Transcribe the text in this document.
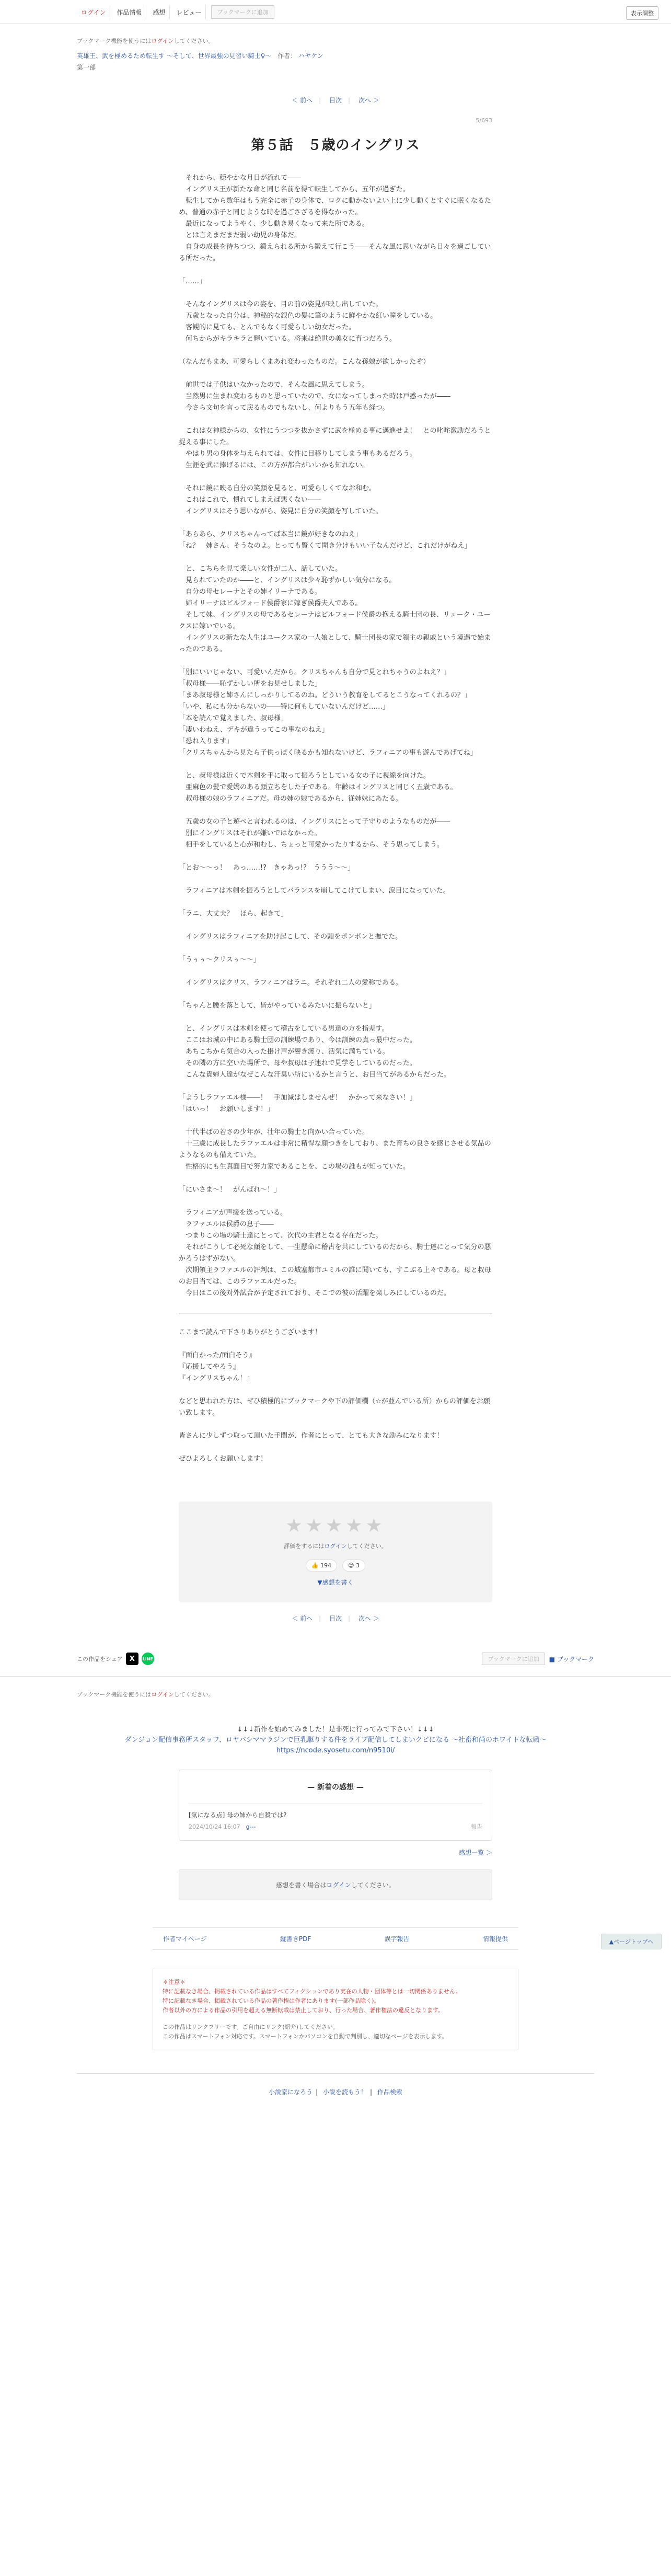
ログイン	作品情報	感想	レビュー	ブックマークに追加	表示調整
ブックマーク機能を使うにはログインしてください。
英雄王、武を極めるため転生す ～そして、世界最強の見習い騎士♀～ 作者： ハヤケン
第一部
＜ 前へ | 目次 | 次へ ＞
5/693
第５話　５歳のイングリス

　それから、穏やかな月日が流れて――

　イングリス王が新たな命と同じ名前を得て転生してから、五年が過ぎた。

　転生してから数年はもう完全に赤子の身体で、ロクに動かないよい上に少し動くとすぐに眠くなるため、普通の赤子と同じような時を過ごさざるを得なかった。

　最近になってようやく、少し動き易くなって来た所である。

　とは言えまだまだ弱い幼児の身体だ。

　自身の成長を待ちつつ、鍛えられる所から鍛えて行こう――そんな風に思いながら日々を過ごしている所だった。

「……」

　そんなイングリスは今の姿を、目の前の姿見が映し出していた。

　五歳となった自分は、神秘的な銀色の髪に筆のように鮮やかな紅い瞳をしている。

　客観的に見ても、とんでもなく可愛らしい幼女だった。

　何ちからがキラキラと輝いている。将来は絶世の美女に育つだろう。

（なんだもまあ、可愛らしくまあれ変わったものだ。こんな孫娘が欲しかったぞ）

　前世では子供はいなかったので、そんな風に思えてしまう。

　当然男に生まれ変わるものと思っていたので、女になってしまった時は戸惑ったが――

　今さら文句を言って戻るものでもないし、何よりもう五年も経つ。

　これは女神様からの、女性にうつつを抜かさずに武を極める事に邁進せよ！　との叱咤激励だろうと捉える事にした。

　やはり男の身体を与えられては、女性に目移りしてしまう事もあるだろう。

　生涯を武に捧げるには、この方が都合がいいかも知れない。

　それに鏡に映る自分の笑顔を見ると、可愛らしくてなお和む。

　これはこれで、慣れてしまえば悪くない――

　イングリスはそう思いながら、姿見に自分の笑顔を写していた。

「あらあら、クリスちゃんってば本当に鏡が好きなのねえ」

「ね？　姉さん、そうなのよ。とっても賢くて聞き分けもいい子なんだけど、これだけがねえ」

　と、こちらを見て楽しい女性が二人、話していた。

　見られていたのか――と、イングリスは少々恥ずかしい気分になる。

　自分の母セレーナとその姉イリーナである。

　姉イリーナはビルフォード侯爵家に嫁ぎ侯爵夫人である。

　そして妹、イングリスの母であるセレーナはビルフォード侯爵の抱える騎士団の長、リューク・ユークスに嫁いでいる。

　イングリスの新たな人生はユークス家の一人娘として、騎士団長の家で領主の親戚という境遇で始まったのである。

「別にいいじゃない、可愛いんだから。クリスちゃんも自分で見とれちゃうのよねえ？」

「叔母様――恥ずかしい所をお見せしました」

「まあ叔母様と姉さんにしっかりしてるのね。どういう教育をしてるとこうなってくれるの？」

「いや、私にも分からないの――特に何もしていないんだけど……」

「本を読んで覚えました、叔母様」

「凄いわねえ、デキが違うってこの事なのねえ」

「恐れ入ります」

「クリスちゃんから見たら子供っぽく映るかも知れないけど、ラフィニアの事も遊んであげてね」

　と、叔母様は近くで木剣を手に取って振ろうとしている女の子に視線を向けた。

　亜麻色の髪で愛嬌のある顔立ちをした子である。年齢はイングリスと同じく五歳である。

　叔母様の娘のラフィニアだ。母の姉の娘であるから、従姉妹にあたる。

　五歳の女の子と遊べと言われるのは、イングリスにとって子守りのようなものだが――

　別にイングリスはそれが嫌いではなかった。

　相手をしていると心が和むし、ちょっと可愛かったりするから、そう思ってしまう。

「とお～～っ！　あっ……!?　きゃあっ!?　ううう～～」

　ラフィニアは木剣を振ろうとしてバランスを崩してこけてしまい、涙目になっていた。

「ラニ、大丈夫？　ほら、起きて」

　イングリスはラフィニアを助け起こして、その頭をポンポンと撫でた。

「うぅぅ～クリスぅ～～」

　イングリスはクリス、ラフィニアはラニ。それぞれ二人の愛称である。

「ちゃんと腰を落として、皆がやっているみたいに振らないと」

　と、イングリスは木剣を使って稽古をしている男達の方を指差す。

　ここはお城の中にある騎士団の訓練場であり、今は訓練の真っ最中だった。

　あちこちから気合の入った掛け声が響き渡り、活気に満ちている。

　その隣の方に空いた場所で、母や叔母は子連れで見学をしているのだった。

　こんな貴婦人達がなぜこんな汗臭い所にいるかと言うと、お目当てがあるからだった。

「ようしラファエル様――！　手加減はしませんぜ！　かかって来なさい！」

「はいっ！　お願いします！」

　十代半ばの若さの少年が、壮年の騎士と向かい合っていた。

　十三歳に成長したラファエルは非常に精悍な顔つきをしており、また育ちの良さを感じさせる気品のようなものも備えていた。

　性格的にも生真面目で努力家であることを、この場の誰もが知っていた。

「にいさま～！　がんばれ～！」

　ラフィニアが声援を送っている。

　ラファエルは侯爵の息子――

　つまりこの場の騎士達にとって、次代の主君となる存在だった。

　それがこうして必死な顔をして、一生懸命に稽古を共にしているのだから、騎士達にとって気分の悪かろうはずがない。

　次期領主ラファエルの評判は、この城塞都市ユミルの誰に聞いても、すこぶる上々である。母と叔母のお目当ては、このラファエルだった。

　今日はこの後対外試合が予定されており、そこでの彼の活躍を楽しみにしているのだ。

ここまで読んで下さりありがとうございます！

『面白かった/面白そう』

『応援してやろう』

『イングリスちゃん！』

などと思われた方は、ぜひ積極的にブックマークや下の評価欄（☆が並んでいる所）からの評価をお願い致します。

皆さんに少しずつ取って頂いた手間が、作者にとって、とても大きな励みになります！

ぜひよろしくお願いします！

★★★★★
評価をするにはログインしてください。
👍 194	😊 3
▼感想を書く
＜ 前へ | 目次 | 次へ ＞
この作品をシェア X	LINE	ブックマークに追加	■ ブックマーク
ブックマーク機能を使うにはログインしてください。
↓↓↓新作を始めてみました！是非死に行ってみて下さい！↓↓↓
ダンジョン配信事務所スタッフ、ロヤバシママラジンで巨乳駆りする件をライブ配信してしまいクビになる ～社畜和尚のホワイトな転職～
https://ncode.syosetu.com/n9510i/
— 新着の感想 —
[気になる点] 母の姉から自殺では?
2024/10/24 16:07　 g---	報告
感想一覧 ＞
感想を書く場合はログインしてください。
作者マイページ	縦書きPDF	誤字報告	情報提供
＊注意＊
特に記載なき場合、掲載されている作品はすべてフィクションであり実在の人物・団体等とは一切関係ありません。
特に記載なき場合、掲載されている作品の著作権は作者にあります(一部作品除く)。
作者以外の方による作品の引用を超える無断転載は禁止しており、行った場合、著作権法の違反となります。
この作品はリンクフリーです。ご自由にリンク(紹介)してください。
この作品はスマートフォン対応です。スマートフォンかパソコンを自動で判別し、適切なページを表示します。
小説家になろう | 小説を読もう！ | 作品検索
▲ページトップへ
